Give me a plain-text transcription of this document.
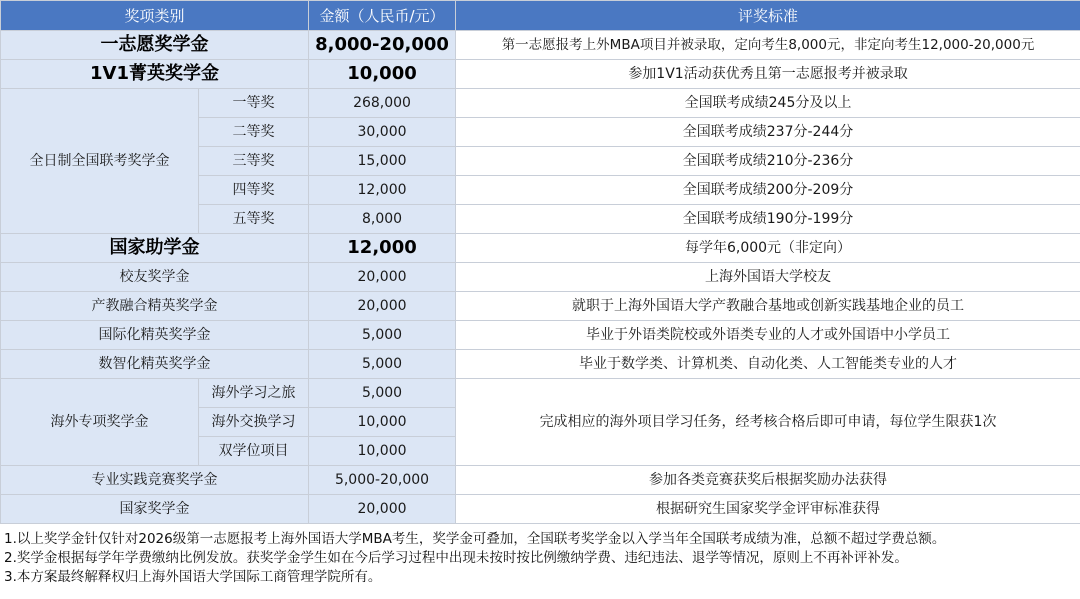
奖项类别		金额（人民币/元）	评奖标准
一志愿奖学金		8,000-20,000	第一志愿报考上外MBA项目并被录取，定向考生8,000元，非定向考生12,000-20,000元
1V1菁英奖学金		10,000	参加1V1活动获优秀且第一志愿报考并被录取
全日制全国联考奖学金	一等奖	268,000	全国联考成绩245分及以上
	二等奖	30,000	全国联考成绩237分-244分
	三等奖	15,000	全国联考成绩210分-236分
	四等奖	12,000	全国联考成绩200分-209分
	五等奖	8,000	全国联考成绩190分-199分
国家助学金		12,000	每学年6,000元（非定向）
校友奖学金		20,000	上海外国语大学校友
产教融合精英奖学金		20,000	就职于上海外国语大学产教融合基地或创新实践基地企业的员工
国际化精英奖学金		5,000	毕业于外语类院校或外语类专业的人才或外国语中小学员工
数智化精英奖学金		5,000	毕业于数学类、计算机类、自动化类、人工智能类专业的人才
海外专项奖学金	海外学习之旅	5,000	完成相应的海外项目学习任务，经考核合格后即可申请，每位学生限获1次
	海外交换学习	10,000	
	双学位项目	10,000	
专业实践竞赛奖学金		5,000-20,000	参加各类竞赛获奖后根据奖励办法获得
国家奖学金		20,000	根据研究生国家奖学金评审标准获得
1.以上奖学金针仅针对2026级第一志愿报考上海外国语大学MBA考生，奖学金可叠加，全国联考奖学金以入学当年全国联考成绩为准，总额不超过学费总额。
2.奖学金根据每学年学费缴纳比例发放。获奖学金学生如在今后学习过程中出现未按时按比例缴纳学费、违纪违法、退学等情况，原则上不再补评补发。
3.本方案最终解释权归上海外国语大学国际工商管理学院所有。
